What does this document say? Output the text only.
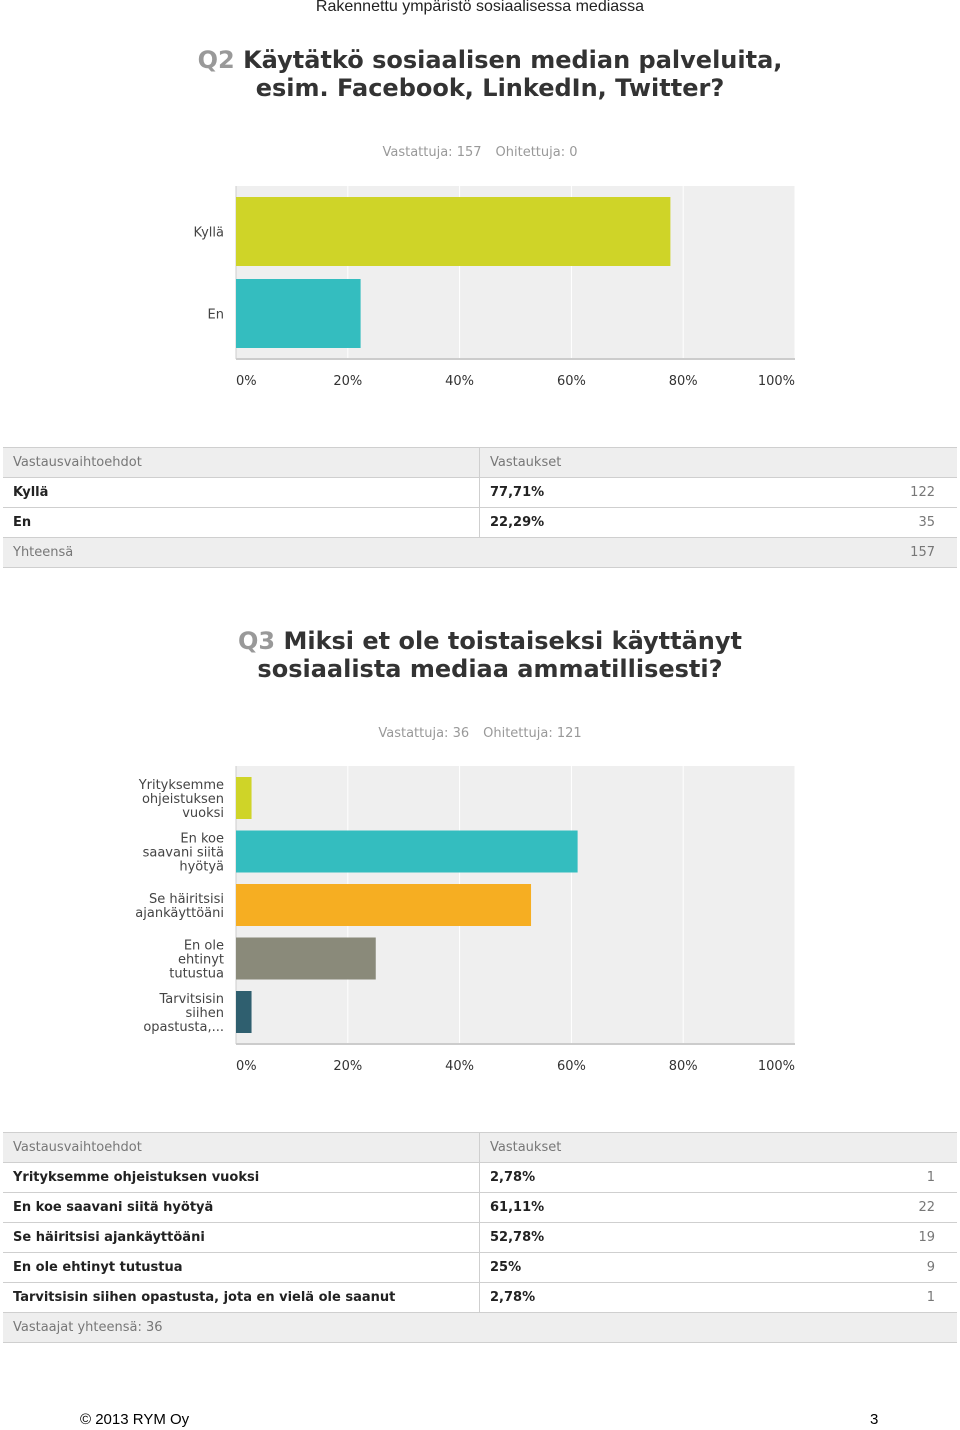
Rakennettu ympäristö sosiaalisessa mediassa
Q2 Käytätkö sosiaalisen median palveluita, esim. Facebook, LinkedIn, Twitter?
Vastattuja: 157 Ohitettuja: 0
Kyllä
En
0%	20%	40%	60%	80%	100%
Vastausvaihtoehdot	Vastaukset	
Kyllä	77,71%	122
En	22,29%	35
Yhteensä		157
Q3 Miksi et ole toistaiseksi käyttänyt sosiaalista mediaa ammatillisesti?
Vastattuja: 36 Ohitettuja: 121
Yrityksemme ohjeistuksen vuoksi
En koe saavani siitä hyötyä
Se häiritsisi ajankäyttöäni
En ole ehtinyt tutustua
Tarvitsisin siihen opastusta,...
0%	20%	40%	60%	80%	100%
Vastausvaihtoehdot	Vastaukset	
Yrityksemme ohjeistuksen vuoksi	2,78%	1
En koe saavani siitä hyötyä	61,11%	22
Se häiritsisi ajankäyttöäni	52,78%	19
En ole ehtinyt tutustua	25%	9
Tarvitsisin siihen opastusta, jota en vielä ole saanut	2,78%	1
Vastaajat yhteensä: 36		
© 2013 RYM Oy	3
